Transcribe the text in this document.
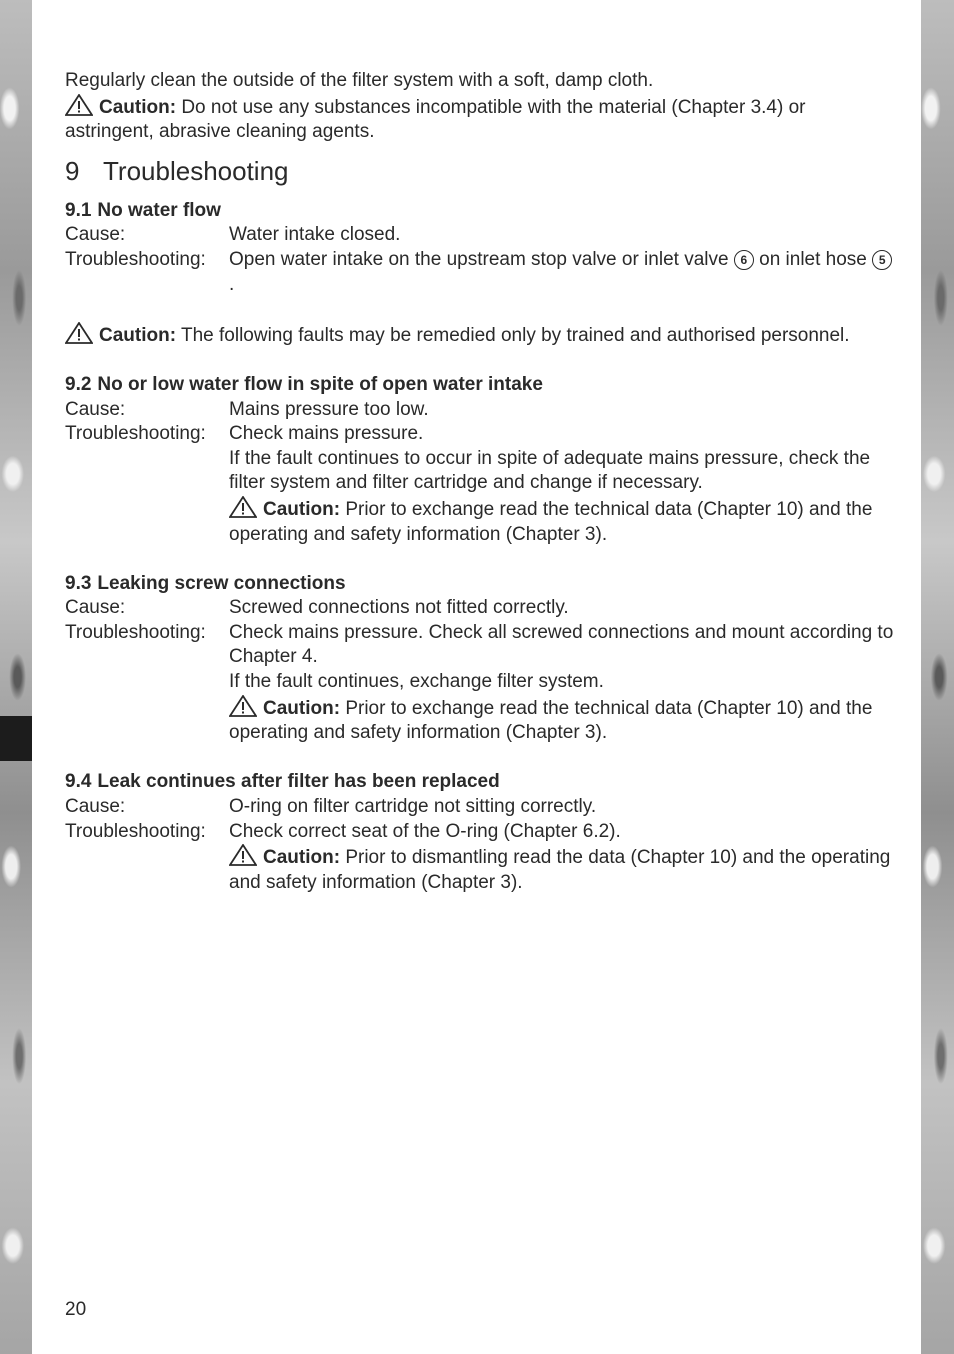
Regularly clean the outside of the filter system with a soft, damp cloth.

Caution: Do not use any substances incompatible with the material (Chapter 3.4) or astringent, abrasive cleaning agents.

9 Troubleshooting
9.1 No water flow
Cause:	Water intake closed.
Troubleshooting:	Open water intake on the upstream stop valve or inlet valve 6 on inlet hose 5.

Caution: The following faults may be remedied only by trained and authorised personnel.

9.2 No or low water flow in spite of open water intake
Cause:	Mains pressure too low.
Troubleshooting:	Check mains pressure.
If the fault continues to occur in spite of adequate mains pressure, check the filter system and filter cartridge and change if necessary.
Caution: Prior to exchange read the technical data (Chapter 10) and the operating and safety information (Chapter 3).
9.3 Leaking screw connections
Cause:	Screwed connections not fitted correctly.
Troubleshooting:	Check mains pressure. Check all screwed connections and mount according to Chapter 4.
If the fault continues, exchange filter system.
Caution: Prior to exchange read the technical data (Chapter 10) and the operating and safety information (Chapter 3).
9.4 Leak continues after filter has been replaced
Cause:	O-ring on filter cartridge not sitting correctly.
Troubleshooting:	Check correct seat of the O-ring (Chapter 6.2).
Caution: Prior to dismantling read the data (Chapter 10) and the operating and safety information (Chapter 3).
20
